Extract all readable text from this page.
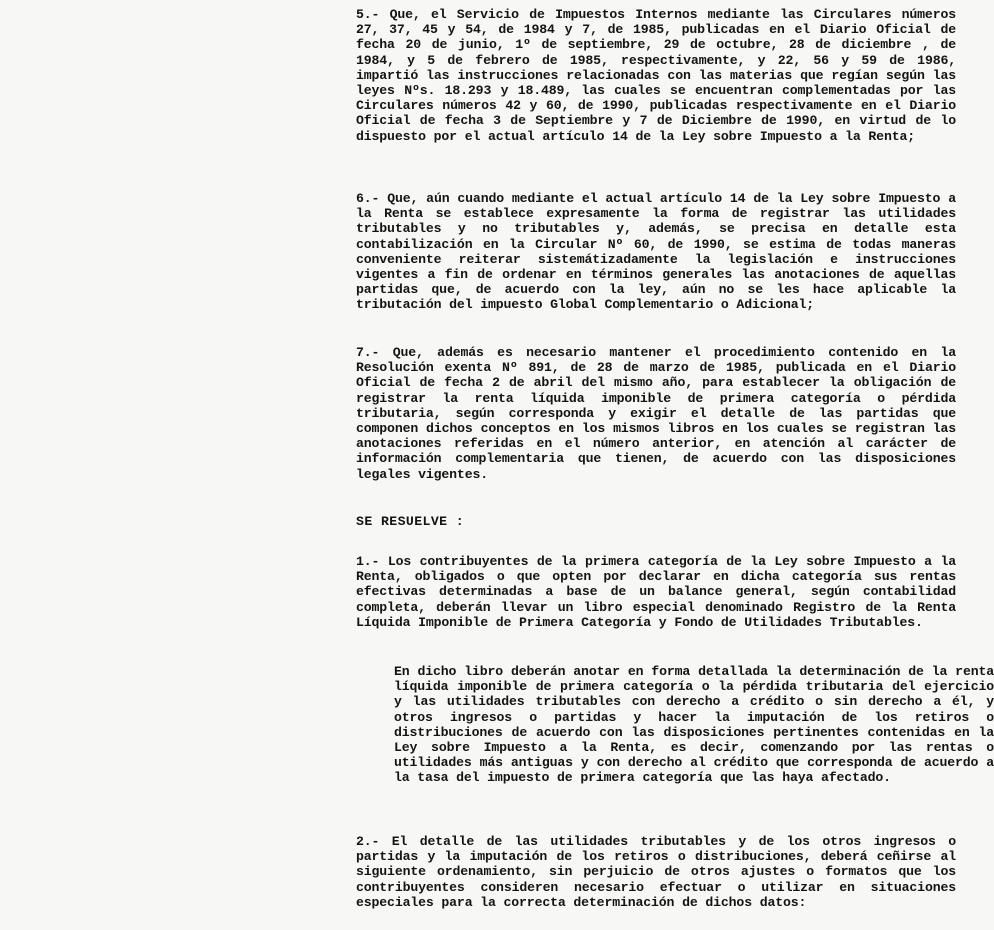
5.- Que, el Servicio de Impuestos Internos mediante las Circulares números 27, 37, 45 y 54, de 1984 y 7, de 1985, publicadas en el Diario Oficial de fecha 20 de junio, 1º de septiembre, 29 de octubre, 28 de diciembre , de 1984, y 5 de febrero de 1985, respectivamente, y 22, 56 y 59 de 1986, impartió las instrucciones relacionadas con las materias que regían según las leyes Nºs. 18.293 y 18.489, las cuales se encuentran complementadas por las Circulares números 42 y 60, de 1990, publicadas respectivamente en el Diario Oficial de fecha 3 de Septiembre y 7 de Diciembre de 1990, en virtud de lo dispuesto por el actual artículo 14 de la Ley sobre Impuesto a la Renta;

6.- Que, aún cuando mediante el actual artículo 14 de la Ley sobre Impuesto a la Renta se establece expresamente la forma de registrar las utilidades tributables y no tributables y, además, se precisa en detalle esta contabilización en la Circular Nº 60, de 1990, se estima de todas maneras conveniente reiterar sistemátizadamente la legislación e instrucciones vigentes a fin de ordenar en términos generales las anotaciones de aquellas partidas que, de acuerdo con la ley, aún no se les hace aplicable la tributación del impuesto Global Complementario o Adicional;

7.- Que, además es necesario mantener el procedimiento contenido en la Resolución exenta Nº 891, de 28 de marzo de 1985, publicada en el Diario Oficial de fecha 2 de abril del mismo año, para establecer la obligación de registrar la renta líquida imponible de primera categoría o pérdida tributaria, según corresponda y exigir el detalle de las partidas que componen dichos conceptos en los mismos libros en los cuales se registran las anotaciones referidas en el número anterior, en atención al carácter de información complementaria que tienen, de acuerdo con las disposiciones legales vigentes.

SE RESUELVE :

1.- Los contribuyentes de la primera categoría de la Ley sobre Impuesto a la Renta, obligados o que opten por declarar en dicha categoría sus rentas efectivas determinadas a base de un balance general, según contabilidad completa, deberán llevar un libro especial denominado Registro de la Renta Líquida Imponible de Primera Categoría y Fondo de Utilidades Tributables.

En dicho libro deberán anotar en forma detallada la determinación de la renta líquida imponible de primera categoría o la pérdida tributaria del ejercicio y las utilidades tributables con derecho a crédito o sin derecho a él, y otros ingresos o partidas y hacer la imputación de los retiros o distribuciones de acuerdo con las disposiciones pertinentes contenidas en la Ley sobre Impuesto a la Renta, es decir, comenzando por las rentas o utilidades más antiguas y con derecho al crédito que corresponda de acuerdo a la tasa del impuesto de primera categoría que las haya afectado.

2.- El detalle de las utilidades tributables y de los otros ingresos o partidas y la imputación de los retiros o distribuciones, deberá ceñirse al siguiente ordenamiento, sin perjuicio de otros ajustes o formatos que los contribuyentes consideren necesario efectuar o utilizar en situaciones especiales para la correcta determinación de dichos datos:
